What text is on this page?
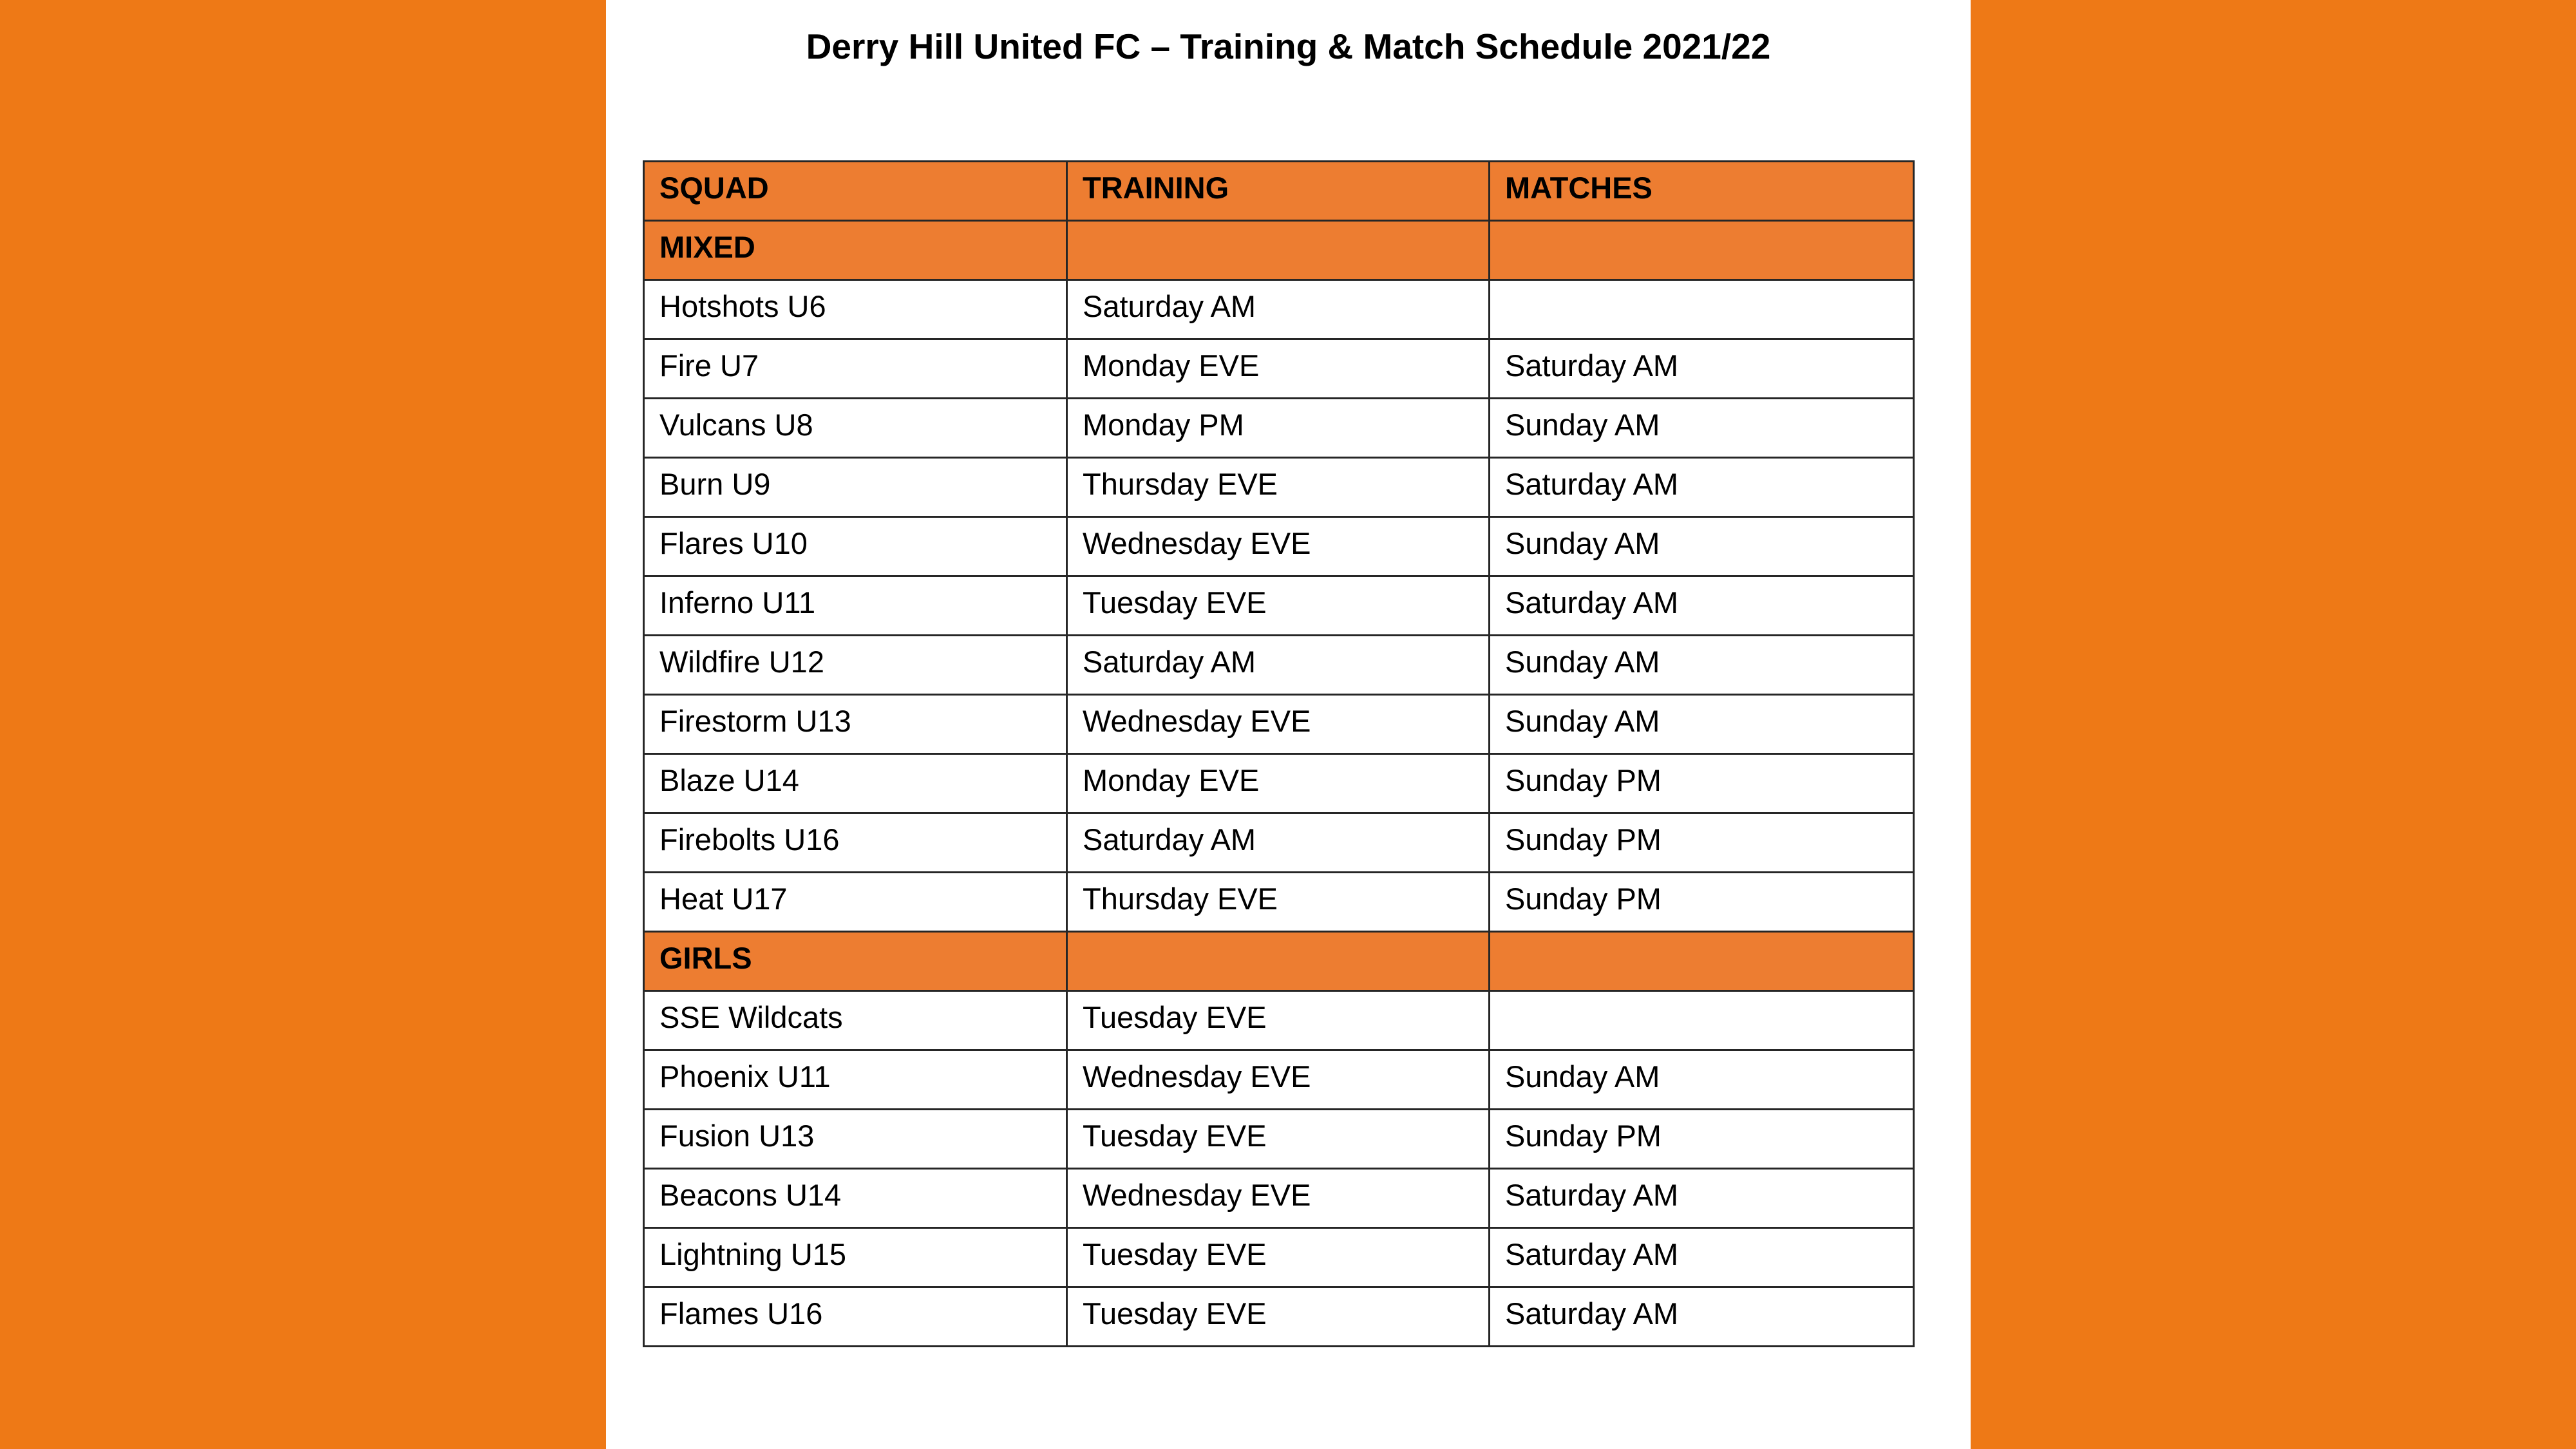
Derry Hill United FC – Training & Match Schedule 2021/22
SQUAD	TRAINING	MATCHES
MIXED		
Hotshots U6	Saturday AM	
Fire U7	Monday EVE	Saturday AM
Vulcans U8	Monday PM	Sunday AM
Burn U9	Thursday EVE	Saturday AM
Flares U10	Wednesday EVE	Sunday AM
Inferno U11	Tuesday EVE	Saturday AM
Wildfire U12	Saturday AM	Sunday AM
Firestorm U13	Wednesday EVE	Sunday AM
Blaze U14	Monday EVE	Sunday PM
Firebolts U16	Saturday AM	Sunday PM
Heat U17	Thursday EVE	Sunday PM
GIRLS		
SSE Wildcats	Tuesday EVE	
Phoenix U11	Wednesday EVE	Sunday AM
Fusion U13	Tuesday EVE	Sunday PM
Beacons U14	Wednesday EVE	Saturday AM
Lightning U15	Tuesday EVE	Saturday AM
Flames U16	Tuesday EVE	Saturday AM
